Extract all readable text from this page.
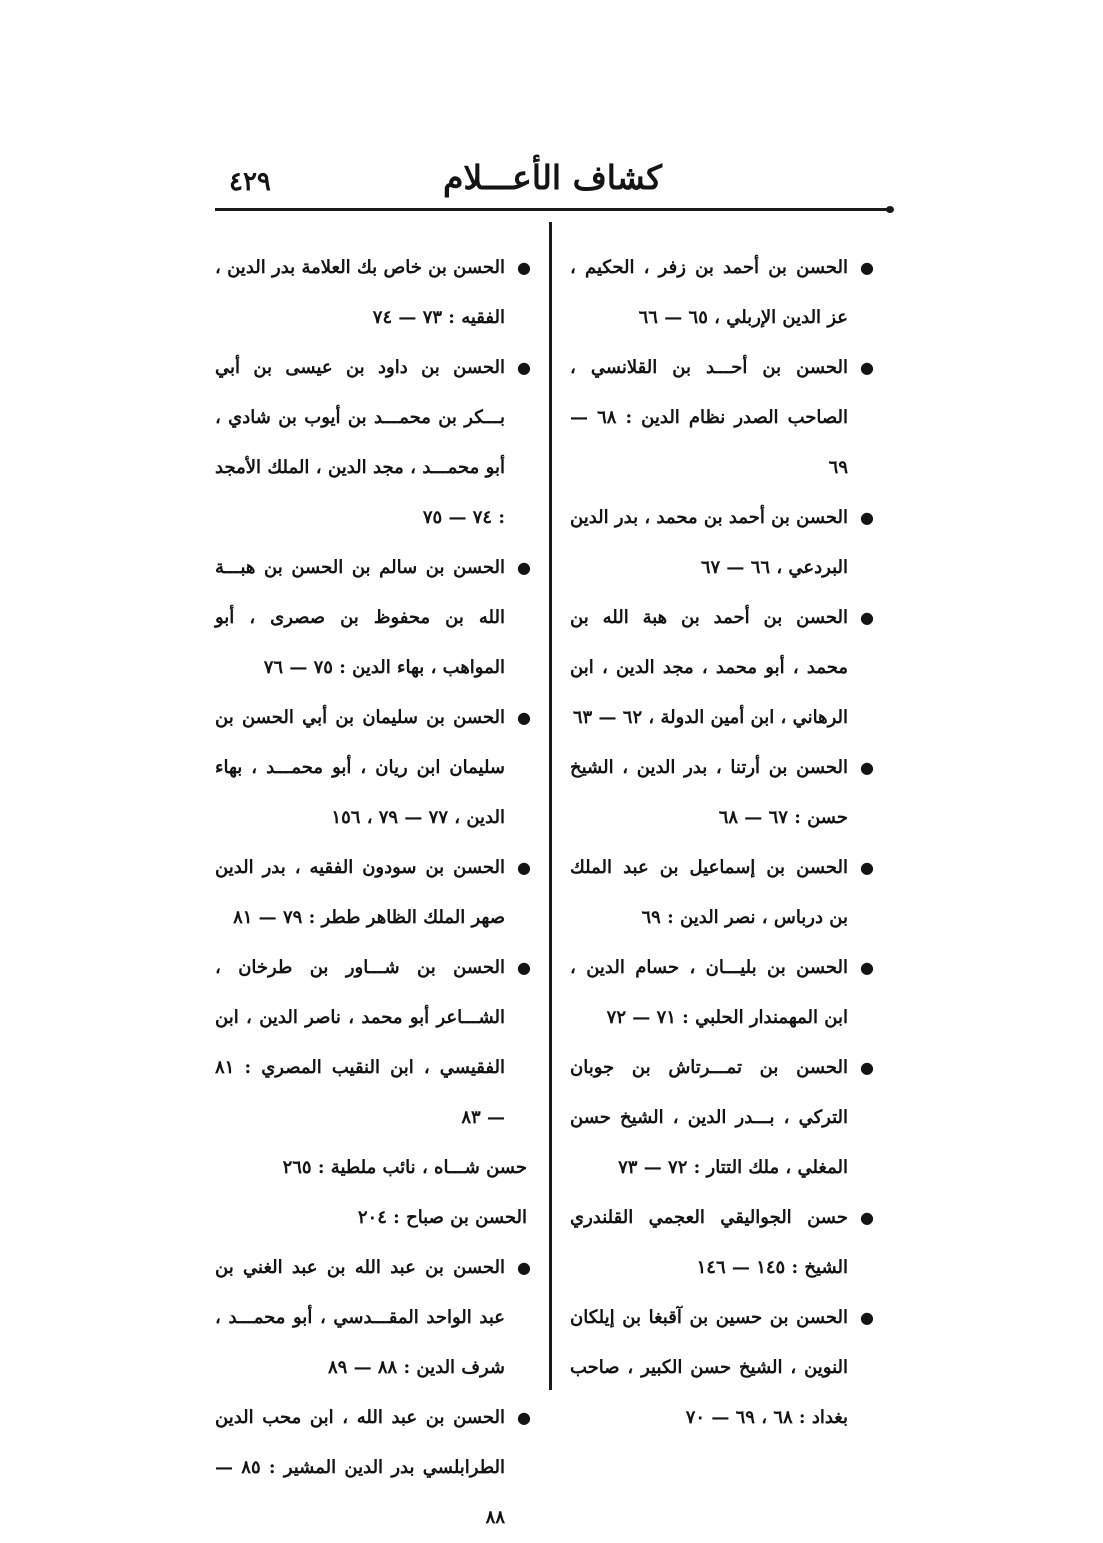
كشاف الأعـــلام
٤٢٩
●
الحسن بن أحمد بن زفر ، الحكيم ، عز الدين الإربلي ، ٦٥ — ٦٦
●
الحسن بن أحـــد بن القلانسي ، الصاحب الصدر نظام الدين : ٦٨ — ٦٩
●
الحسن بن أحمد بن محمد ، بدر الدين البردعي ، ٦٦ — ٦٧
●
الحسن بن أحمد بن هبة الله بن محمد ، أبو محمد ، مجد الدين ، ابن الرهاني ، ابن أمين الدولة ، ٦٢ — ٦٣
●
الحسن بن أرتنا ، بدر الدين ، الشيخ حسن : ٦٧ — ٦٨
●
الحسن بن إسماعيل بن عبد الملك بن درباس ، نصر الدين : ٦٩
●
الحسن بن بليـــان ، حسام الدين ، ابن المهمندار الحلبي : ٧١ — ٧٢
●
الحسن بن تمـــرتاش بن جوبان التركي ، بـــدر الدين ، الشيخ حسن المغلي ، ملك التتار : ٧٢ — ٧٣
●
حسن الجواليقي العجمي القلندري الشيخ : ١٤٥ — ١٤٦
●
الحسن بن حسين بن آقبغا بن إيلكان النوين ، الشيخ حسن الكبير ، صاحب بغداد : ٦٨ ، ٦٩ — ٧٠
●
الحسن بن خاص بك العلامة بدر الدين ، الفقيه : ٧٣ — ٧٤
●
الحسن بن داود بن عيسى بن أبي بـــكر بن محمـــد بن أيوب بن شادي ، أبو محمـــد ، مجد الدين ، الملك الأمجد : ٧٤ — ٧٥
●
الحسن بن سالم بن الحسن بن هبـــة الله بن محفوظ بن صصرى ، أبو المواهب ، بهاء الدين : ٧٥ — ٧٦
●
الحسن بن سليمان بن أبي الحسن بن سليمان ابن ريان ، أبو محمـــد ، بهاء الدين ، ٧٧ — ٧٩ ، ١٥٦
●
الحسن بن سودون الفقيه ، بدر الدين صهر الملك الظاهر ططر : ٧٩ — ٨١
●
الحسن بن شـــاور بن طرخان ، الشـــاعر أبو محمد ، ناصر الدين ، ابن الفقيسي ، ابن النقيب المصري : ٨١ — ٨٣
حسن شـــاه ، نائب ملطية : ٢٦٥
الحسن بن صباح : ٢٠٤
●
الحسن بن عبد الله بن عبد الغني بن عبد الواحد المقـــدسي ، أبو محمـــد ، شرف الدين : ٨٨ — ٨٩
●
الحسن بن عبد الله ، ابن محب الدين الطرابلسي بدر الدين المشير : ٨٥ — ٨٨
